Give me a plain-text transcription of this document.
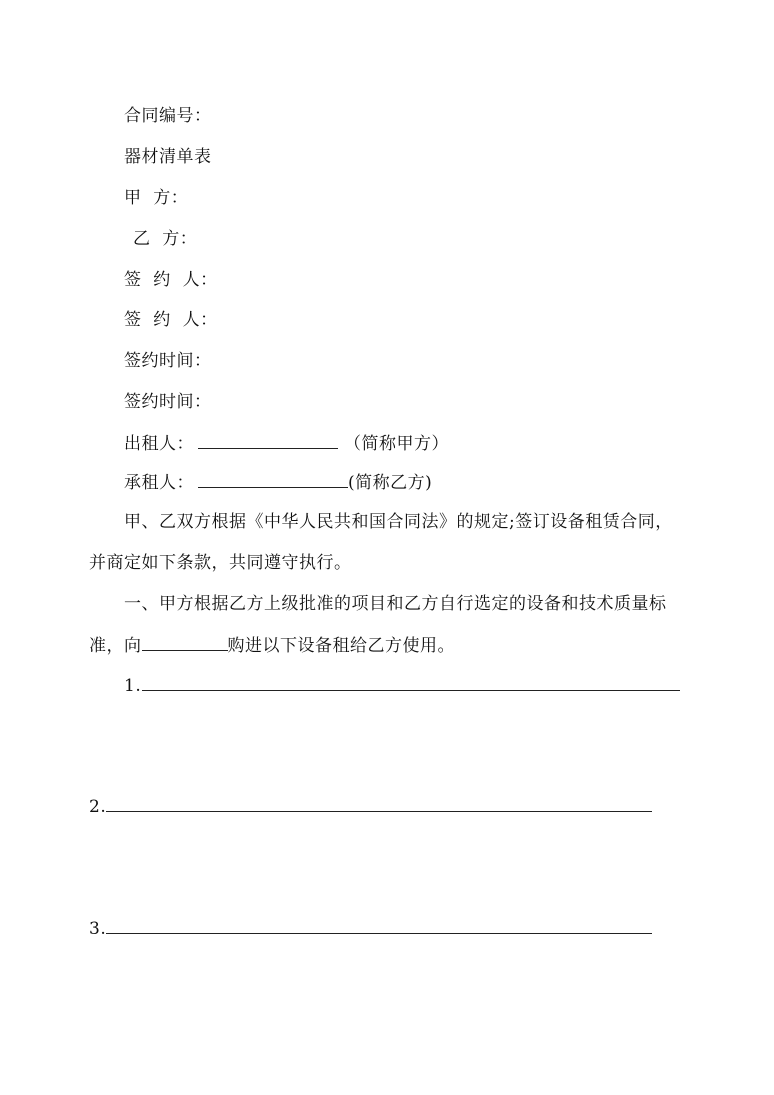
合同编号：
器材清单表
甲  方：
乙  方：
签  约  人：
签  约  人：
签约时间：
签约时间：
出租人：	（简称甲方）
承租人：	(简称乙方)
甲、乙双方根据《中华人民共和国合同法》的规定;签订设备租赁合同，
并商定如下条款，共同遵守执行。
一、甲方根据乙方上级批准的项目和乙方自行选定的设备和技术质量标
准，向	购进以下设备租给乙方使用。
1.
2.
3.
